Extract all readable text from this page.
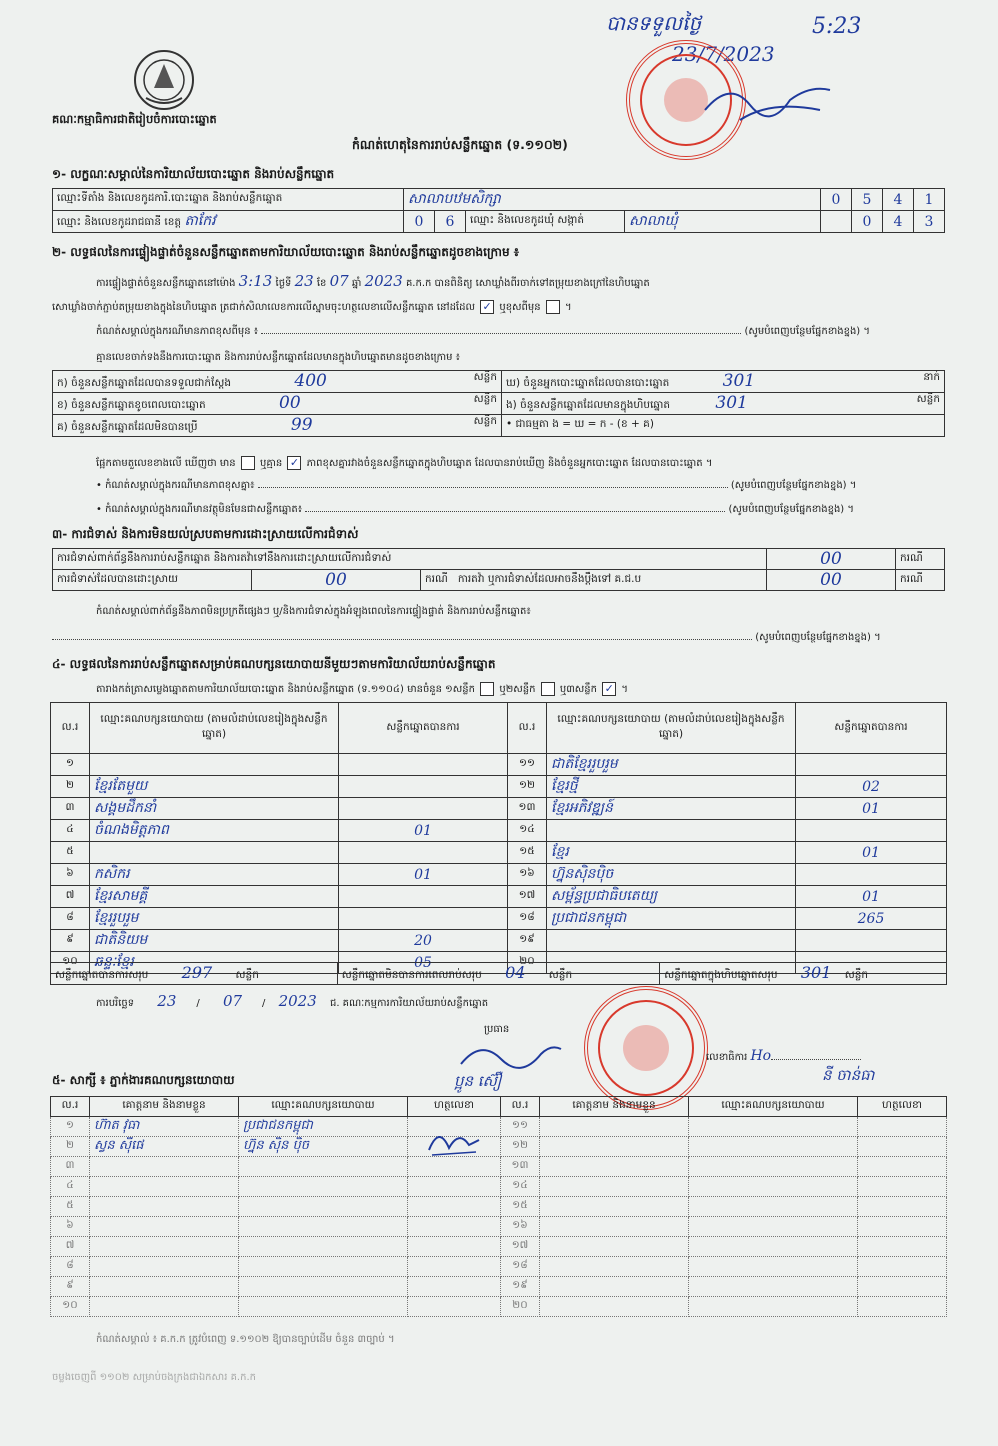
គណៈកម្មាធិការជាតិរៀបចំការបោះឆ្នោត
បានទទួលថ្ងៃ	5:23
23/7/2023
កំណត់ហេតុនៃការរាប់សន្លឹកឆ្នោត (ទ.១១០២)
១- លក្ខណៈសម្គាល់នៃការិយាល័យបោះឆ្នោត និងរាប់សន្លឹកឆ្នោត
ឈ្មោះទីតាំង និងលេខកូដការិ.បោះឆ្នោត និងរាប់សន្លឹកឆ្នោត	សាលាបឋមសិក្សា				0	5	4	1
ឈ្មោះ និងលេខកូដរាជធានី ខេត្ត តាកែវ	0	6	ឈ្មោះ និងលេខកូដឃុំ សង្កាត់	សាលាឃុំ		0	4	3
២- លទ្ធផលនៃការផ្ទៀងផ្ទាត់ចំនួនសន្លឹកឆ្នោតតាមការិយាល័យបោះឆ្នោត និងរាប់សន្លឹកឆ្នោតដូចខាងក្រោម ៖
ការផ្ទៀងផ្ទាត់ចំនួនសន្លឹកឆ្នោតនៅម៉ោង 3:13 ថ្ងៃទី 23 ខែ 07 ឆ្នាំ 2023 គ.ក.ក បានពិនិត្យ សោឃ្លាំងពីរចាក់ទៅតម្រុយខាងក្រៅនៃហិបឆ្នោត
សោឃ្លាំងចាក់ភ្ជាប់តម្រុយខាងក្នុងនៃហិបឆ្នោត ត្រជាក់សិលាលេខការលើស្នាមចុះហត្ថលេខាលើសន្លឹកឆ្នោត នៅដដែល ✓ ឬខុសពីមុន  ។
កំណត់សម្គាល់ក្នុងករណីមានភាពខុសពីមុន ៖	(សូមបំពេញបន្ថែមផ្នែកខាងខ្នង) ។
គ្មានលេខចាក់ទងនឹងការបោះឆ្នោត និងការរាប់សន្លឹកឆ្នោតដែលមានក្នុងហិបឆ្នោតមានដូចខាងក្រោម ៖
ក) ចំនួនសន្លឹកឆ្នោតដែលបានទទួលជាក់ស្តែង 400 សន្លឹក	ឃ) ចំនួនអ្នកបោះឆ្នោតដែលបានបោះឆ្នោត 301 នាក់

ខ) ចំនួនសន្លឹកឆ្នោតខូចពេលបោះឆ្នោត 00 សន្លឹក	ង) ចំនួនសន្លឹកឆ្នោតដែលមានក្នុងហិបឆ្នោត 301 សន្លឹក

គ) ចំនួនសន្លឹកឆ្នោតដែលមិនបានប្រើ 99 សន្លឹក	• ជាធម្មតា ង = ឃ = ក - (ខ + គ)
ផ្អែកតាមតួលេខខាងលើ ឃើញថា មាន ឬគ្មាន ✓ ភាពខុសគ្នារវាងចំនួនសន្លឹកឆ្នោតក្នុងហិបឆ្នោត ដែលបានរាប់ឃើញ និងចំនួនអ្នកបោះឆ្នោត ដែលបានបោះឆ្នោត ។
• កំណត់សម្គាល់ក្នុងករណីមានភាពខុសគ្នា៖	(សូមបំពេញបន្ថែមផ្នែកខាងខ្នង) ។
• កំណត់សម្គាល់ក្នុងករណីមានវត្ថុមិនមែនជាសន្លឹកឆ្នោត៖	(សូមបំពេញបន្ថែមផ្នែកខាងខ្នង) ។
៣- ការជំទាស់ និងការមិនយល់ស្របតាមការដោះស្រាយលើការជំទាស់
ការជំទាស់ពាក់ព័ន្ធនឹងការរាប់សន្លឹកឆ្នោត និងការតវ៉ាទៅនឹងការដោះស្រាយលើការជំទាស់			00	ករណី
ការជំទាស់ដែលបានដោះស្រាយ	00	ករណី ការតវ៉ា ឬការជំទាស់ដែលអាចនឹងប្តឹងទៅ គ.ជ.ប	00	ករណី
កំណត់សម្គាល់ពាក់ព័ន្ធនឹងភាពមិនប្រក្រតីផ្សេងៗ ឬ/និងការជំទាស់ក្នុងអំឡុងពេលនៃការផ្ទៀងផ្ទាត់ និងការរាប់សន្លឹកឆ្នោត៖
(សូមបំពេញបន្ថែមផ្នែកខាងខ្នង) ។
៤- លទ្ធផលនៃការរាប់សន្លឹកឆ្នោតសម្រាប់គណបក្សនយោបាយនីមួយៗតាមការិយាល័យរាប់សន្លឹកឆ្នោត
តារាងកត់ត្រាសម្លេងឆ្នោតតាមការិយាល័យបោះឆ្នោត និងរាប់សន្លឹកឆ្នោត (ទ.១១០៤) មានចំនួន ១សន្លឹក ឬ២សន្លឹក ឬ៣សន្លឹក ✓ ។
ល.រ	ឈ្មោះគណបក្សនយោបាយ (តាមលំដាប់លេខរៀងក្នុងសន្លឹកឆ្នោត)	សន្លឹកឆ្នោតបានការ	ល.រ	ឈ្មោះគណបក្សនយោបាយ (តាមលំដាប់លេខរៀងក្នុងសន្លឹកឆ្នោត)	សន្លឹកឆ្នោតបានការ
១			១១	ជាតិខ្មែររួបរួម	
២	ខ្មែរតែមួយ		១២	ខ្មែរថ្មី	02
៣	សង្គមដឹកនាំ		១៣	ខ្មែរអភិវឌ្ឍន៍	01
៤	ចំណងមិត្តភាព	01	១៤		
៥			១៥	ខ្មែរ	01
៦	កសិករ	01	១៦	ហ្វ៊ុនស៊ិនប៉ិច	
៧	ខ្មែរសាមគ្គី		១៧	សម្ព័ន្ធប្រជាធិបតេយ្យ	01
៨	ខ្មែររួបរួម		១៨	ប្រជាជនកម្ពុជា	265
៩	ជាតិនិយម	20	១៩		
១០	ឆន្ទៈខ្មែរ	05	២០		
សន្លឹកឆ្នោតបានការសរុប 297 សន្លឹក	សន្លឹកឆ្នោតមិនបានការពេលរាប់សរុប 04 សន្លឹក	សន្លឹកឆ្នោតក្នុងហិបឆ្នោតសរុប 301 សន្លឹក
ការបរិច្ឆេទ 23 / 07 / 2023 ជ. គណៈកម្មការការិយាល័យរាប់សន្លឹកឆ្នោត
ប្រធាន
ប្អូន ស៊ឿ
លេខាធិការ Ho
នី ចាន់ធា
៥- សាក្សី ៖ ភ្នាក់ងារគណបក្សនយោបាយ
ល.រ	គោត្តនាម និងនាមខ្លួន	ឈ្មោះគណបក្សនយោបាយ	ហត្ថលេខា	ល.រ	គោត្តនាម និងនាមខ្លួន	ឈ្មោះគណបក្សនយោបាយ	ហត្ថលេខា
១	ហ៊ាត វុធា	ប្រជាជនកម្ពុជា		១១			
២	ស្វន ស៊ីផេ	ហ្វ៊ុន ស៊ិន ប៉ិច		១២			
៣				១៣			
៤				១៤			
៥				១៥			
៦				១៦			
៧				១៧			
៨				១៨			
៩				១៩			
១០				២០			
កំណត់សម្គាល់ ៖ គ.ក.ក ត្រូវបំពេញ ទ.១១០២ ឱ្យបានច្បាប់ដើម ចំនួន ៣ច្បាប់ ។
ចម្លងចេញពី ១១០២ សម្រាប់ចងក្រងជាឯកសារ គ.ក.ក
